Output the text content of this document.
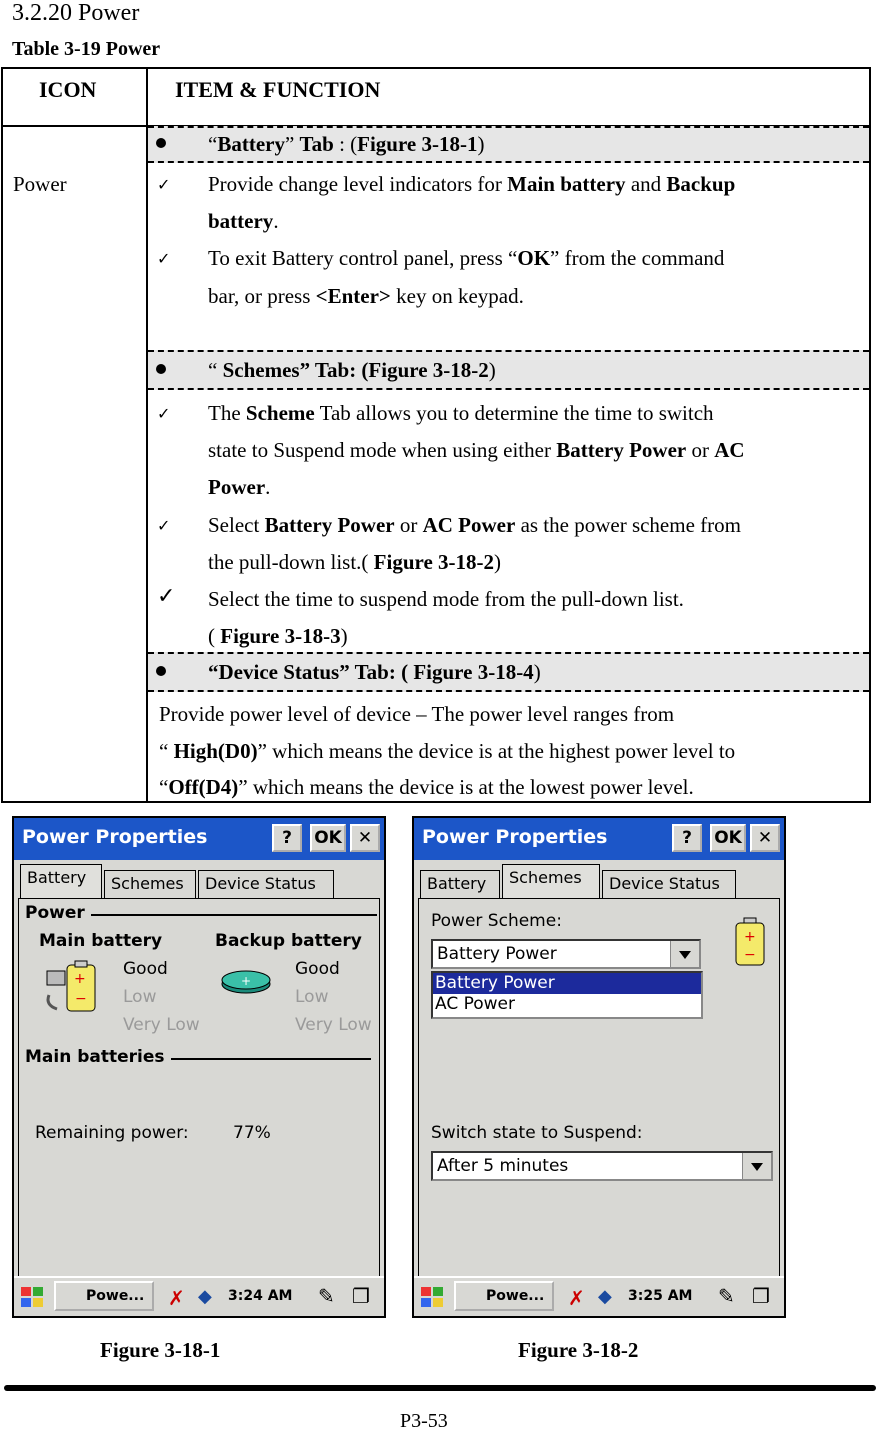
3.2.20 Power
Table 3-19 Power
ICON	ITEM & FUNCTION
Power
“Battery” Tab : (Figure 3-18-1)
✓ Provide change level indicators for Main battery and Backup
battery.
✓ To exit Battery control panel, press “OK” from the command
bar, or press <Enter> key on keypad.
“ Schemes” Tab: (Figure 3-18-2)
✓ The Scheme Tab allows you to determine the time to switch
state to Suspend mode when using either Battery Power or AC
Power.
✓ Select Battery Power or AC Power as the power scheme from
the pull-down list.( Figure 3-18-2)
✓ Select the time to suspend mode from the pull-down list.
( Figure 3-18-3)
“Device Status” Tab: ( Figure 3-18-4)
Provide power level of device – The power level ranges from
“ High(D0)” which means the device is at the highest power level to
“Off(D4)” which means the device is at the lowest power level.
Power Properties	?	OK ✕
Battery	Schemes	Device Status
Power
Main battery	Backup battery
+
−
+
Good
Low
Very Low
Good
Low
Very Low
Main batteries
Remaining power:	77%
Powe...	✗ ◆ 3:24 AM ✎ ❐
Power Properties	?	OK ✕
Battery	Schemes	Device Status
Power Scheme:
Battery Power
Battery Power
AC Power
+
−
Switch state to Suspend:
After 5 minutes
Powe...	✗ ◆ 3:25 AM ✎ ❐
Figure 3-18-1	Figure 3-18-2
P3-53
